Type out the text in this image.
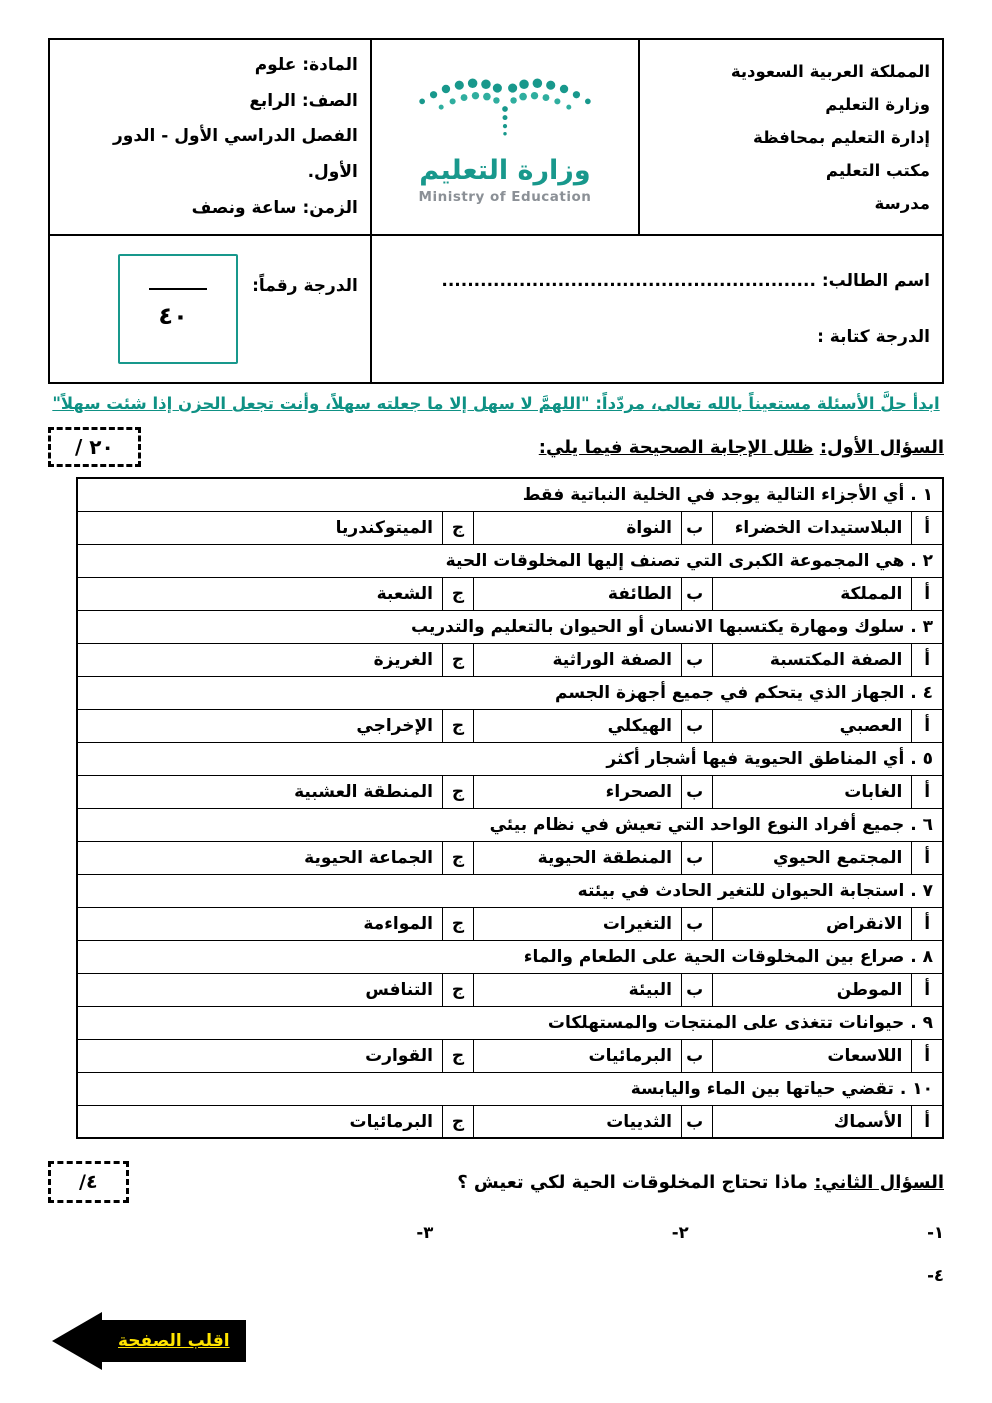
المملكة العربية السعودية
وزارة التعليم
إدارة التعليم بمحافظة
مكتب التعليم
مدرسة

وزارة التعليم
Ministry of Education

المادة: علوم
الصف: الرابع
الفصل الدراسي الأول - الدور الأول.
الزمن: ساعة ونصف

اسم الطالب: ..........................................................
الدرجة كتابة :

الدرجة رقماً:
٤٠
ابدأ حلَّ الأسئلة مستعيناً بالله تعالى، مردّداً: "اللهمَّ لا سهل إلا ما جعلته سهلاً، وأنت تجعل الحزن إذا شئت سهلاً"
السؤال الأول: ظلل الإجابة الصحيحة فيما يلي:
/ ٢٠
١ . أي الأجزاء التالية يوجد في الخلية النباتية فقط					
أ	البلاستيدات الخضراء	ب	النواة	ج	الميتوكندريا
٢ . هي المجموعة الكبرى التي تصنف إليها المخلوقات الحية					
أ	المملكة	ب	الطائفة	ج	الشعبة
٣ . سلوك ومهارة يكتسبها الانسان أو الحيوان بالتعليم والتدريب					
أ	الصفة المكتسبة	ب	الصفة الوراثية	ج	الغريزة
٤ . الجهاز الذي يتحكم في جميع أجهزة الجسم					
أ	العصبي	ب	الهيكلي	ج	الإخراجي
٥ . أي المناطق الحيوية فيها أشجار أكثر					
أ	الغابات	ب	الصحراء	ج	المنطقة العشبية
٦ . جميع أفراد النوع الواحد التي تعيش في نظام بيئي					
أ	المجتمع الحيوي	ب	المنطقة الحيوية	ج	الجماعة الحيوية
٧ . استجابة الحيوان للتغير الحادث في بيئته					
أ	الانقراض	ب	التغيرات	ج	المواءمة
٨ . صراع بين المخلوقات الحية على الطعام والماء					
أ	الموطن	ب	البيئة	ج	التنافس
٩ . حيوانات تتغذى على المنتجات والمستهلكات					
أ	اللاسعات	ب	البرمائيات	ج	القوارت
١٠ . تقضي حياتها بين الماء واليابسة					
أ	الأسماك	ب	الثدييات	ج	البرمائيات
السؤال الثاني: ماذا تحتاج المخلوقات الحية لكي تعيش ؟
/٤
١-
٢-
٣-
٤-
اقلب الصفحة
